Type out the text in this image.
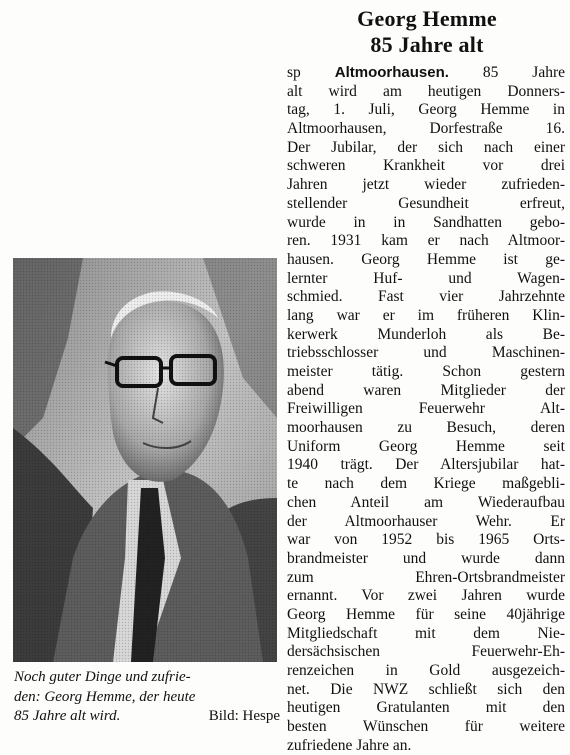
Georg Hemme
85 Jahre alt
sp Altmoorhausen. 85 Jahre
alt wird am heutigen Donners-
tag, 1. Juli, Georg Hemme in
Altmoorhausen, Dorfestraße 16.
Der Jubilar, der sich nach einer
schweren Krankheit vor drei
Jahren jetzt wieder zufrieden-
stellender Gesundheit erfreut,
wurde in in Sandhatten gebo-
ren. 1931 kam er nach Altmoor-
hausen. Georg Hemme ist ge-
lernter Huf- und Wagen-
schmied. Fast vier Jahrzehnte
lang war er im früheren Klin-
kerwerk Munderloh als Be-
triebsschlosser und Maschinen-
meister tätig. Schon gestern
abend waren Mitglieder der
Freiwilligen Feuerwehr Alt-
moorhausen zu Besuch, deren
Uniform Georg Hemme seit
1940 trägt. Der Altersjubilar hat-
te nach dem Kriege maßgebli-
chen Anteil am Wiederaufbau
der Altmoorhauser Wehr. Er
war von 1952 bis 1965 Orts-
brandmeister und wurde dann
zum Ehren-Ortsbrandmeister
ernannt. Vor zwei Jahren wurde
Georg Hemme für seine 40jährige
Mitgliedschaft mit dem Nie-
dersächsischen Feuerwehr-Eh-
renzeichen in Gold ausgezeich-
net. Die NWZ schließt sich den
heutigen Gratulanten mit den
besten Wünschen für weitere
zufriedene Jahre an.
Noch guter Dinge und zufrie-
den: Georg Hemme, der heute
85 Jahre alt wird.	Bild: Hespe
